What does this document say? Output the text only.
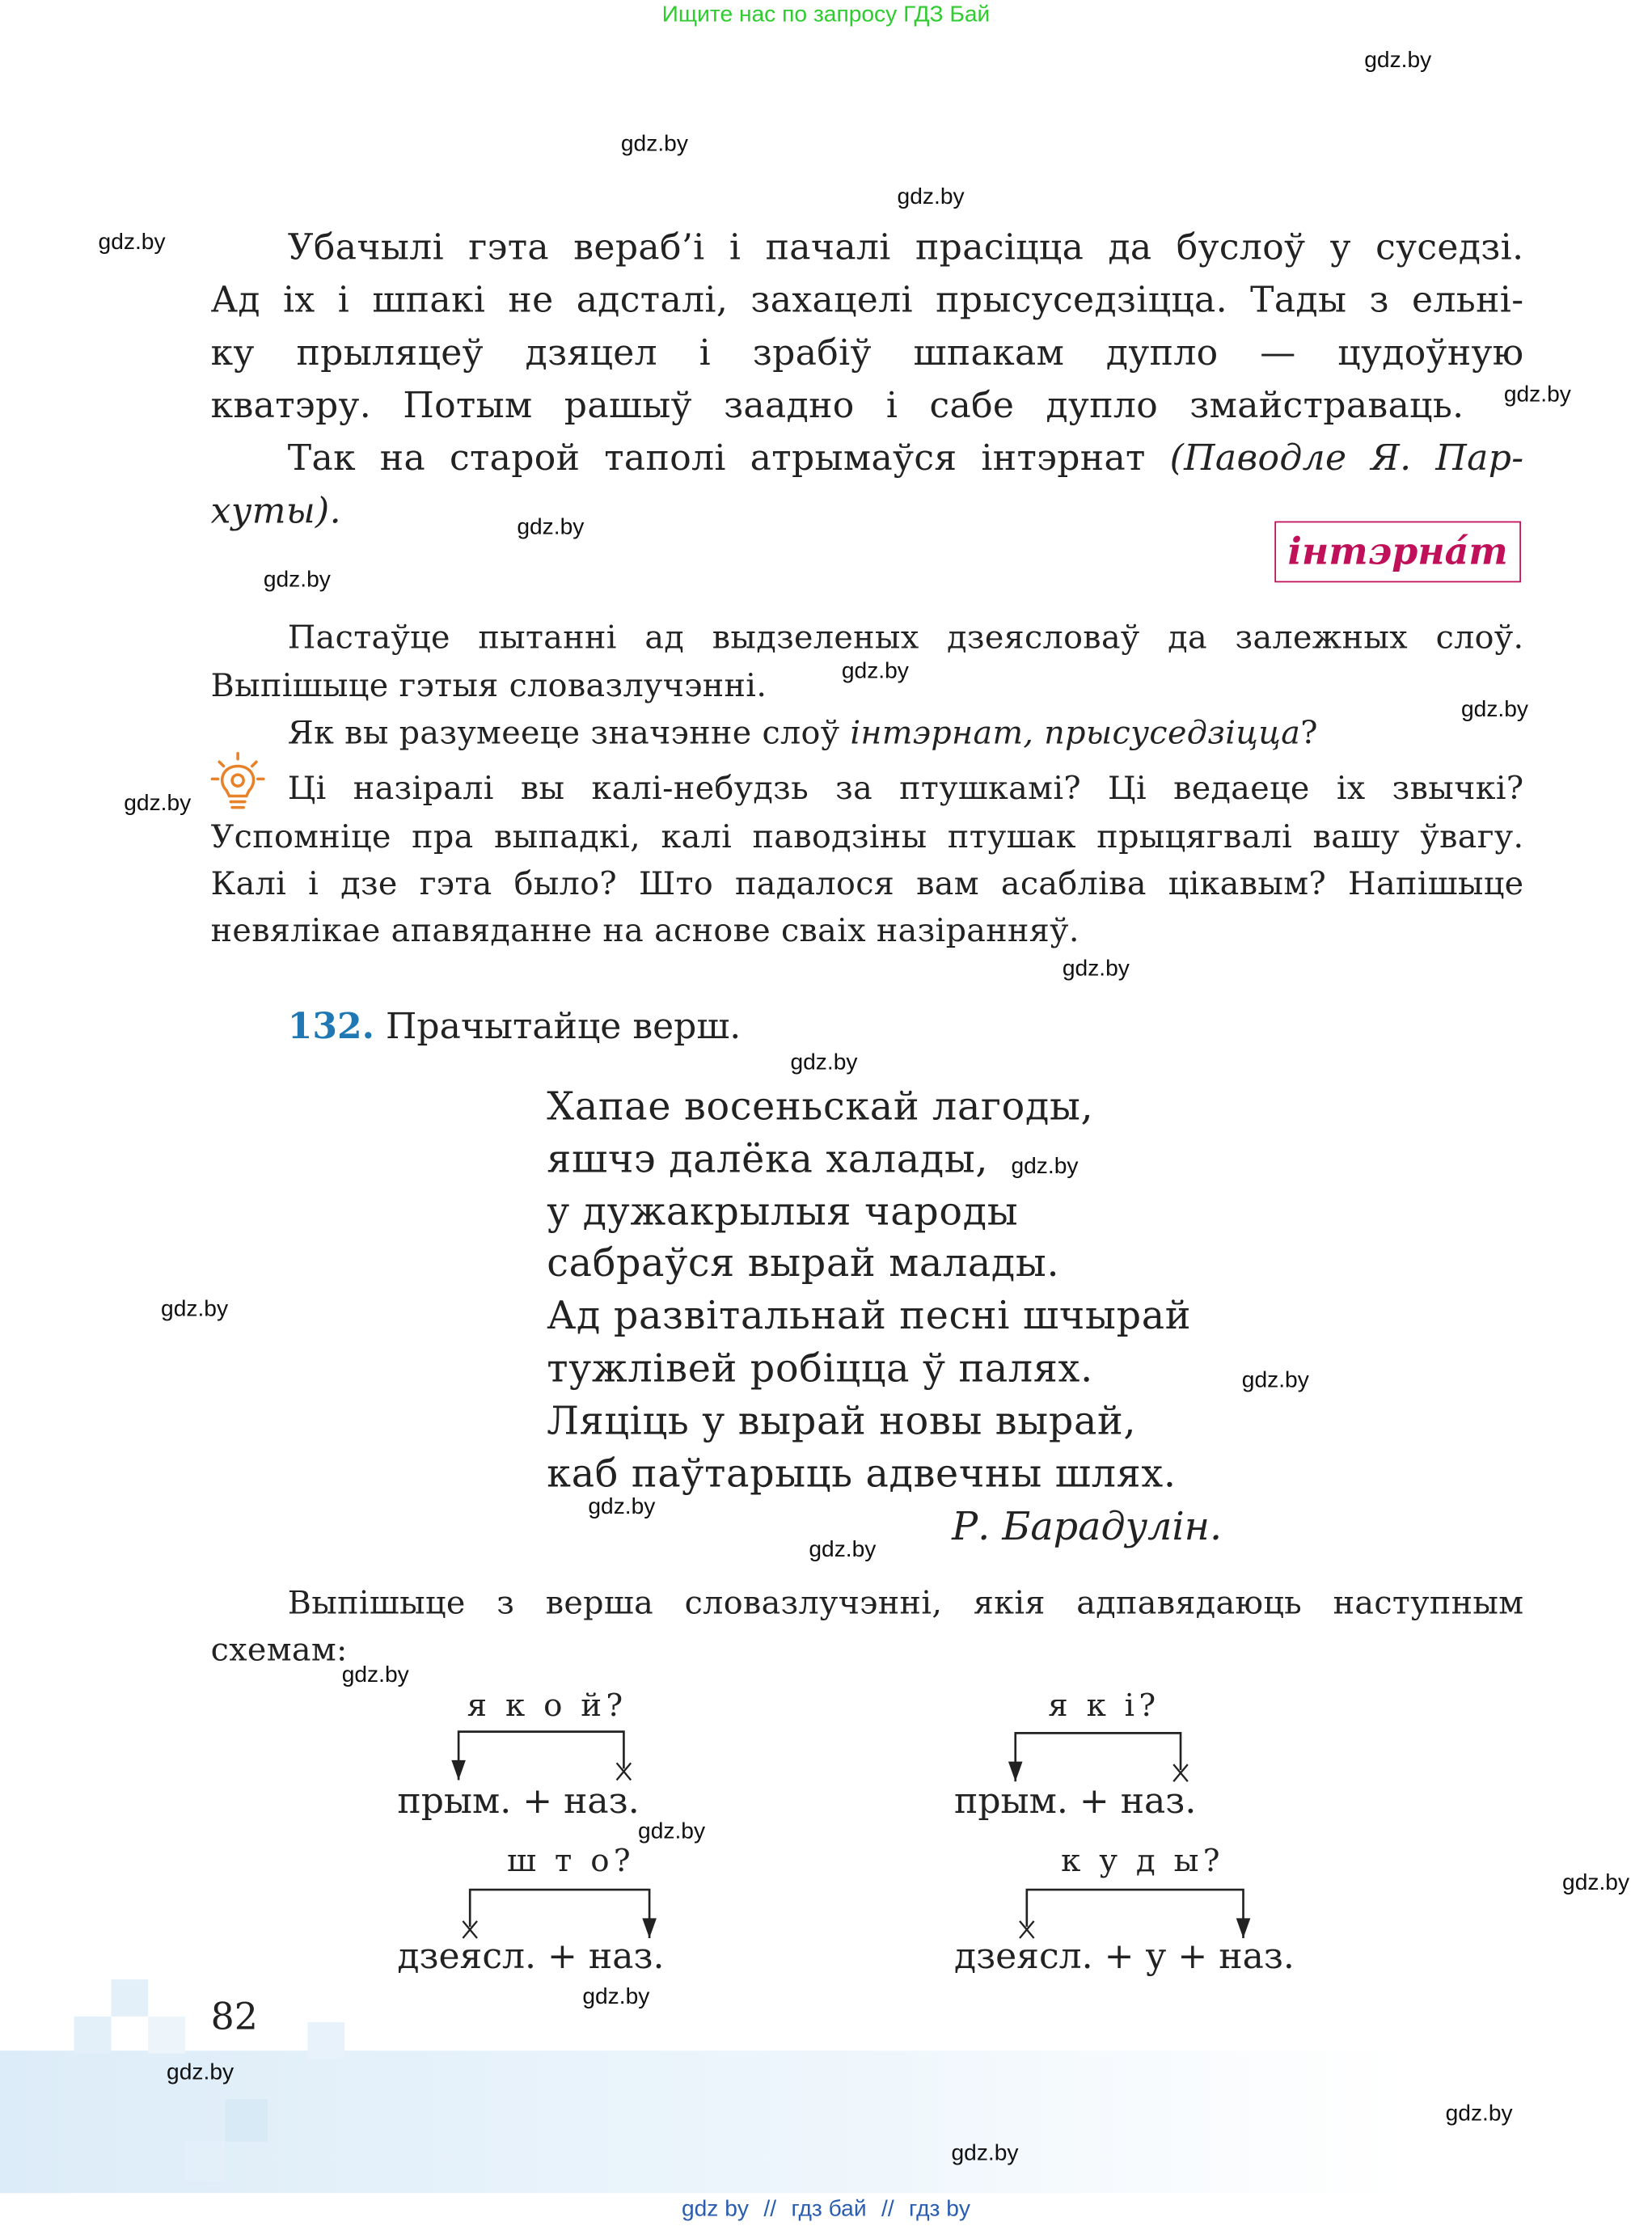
Ищите нас по запросу ГДЗ Бай
gdz.by
gdz.by
gdz.by
gdz.by
gdz.by
gdz.by
gdz.by
gdz.by
gdz.by
gdz.by
gdz.by
gdz.by
gdz.by
gdz.by
gdz.by
gdz.by
gdz.by
gdz.by
gdz.by
gdz.by
gdz.by
gdz.by
gdz.by
gdz.by
Убачылі гэта вераб’і і пачалі прасіцца да буслоў у суседзі.
Ад іх і шпакі не адсталі, захацелі прысуседзіцца. Тады з ельні-
ку прыляцеў дзяцел і зрабіў шпакам дупло — цудоўную
кватэру. Потым рашыў заадно і сабе дупло змайстраваць.
Так на старой таполі атрымаўся інтэрнат (Паводле Я. Пар-
хуты).
інтэрна́т
Пастаўце пытанні ад выдзеленых дзеясловаў да залежных слоў.
Выпішыце гэтыя словазлучэнні.
Як вы разумееце значэнне слоў інтэрнат, прысуседзіцца?
Ці назіралі вы калі-небудзь за птушкамі? Ці ведаеце іх звычкі?
Успомніце пра выпадкі, калі паводзіны птушак прыцягвалі вашу ўвагу.
Калі і дзе гэта было? Што падалося вам асабліва цікавым? Напішыце
невялікае апавяданне на аснове сваіх назіранняў.
132. Прачытайце верш.
Хапае восеньскай лагоды,
яшчэ далёка халады,
у дужакрылыя чароды
сабраўся вырай малады.
Ад развітальнай песні шчырай
тужлівей робіцца ў палях.
Ляціць у вырай новы вырай,
каб паўтарыць адвечны шлях.
Р. Барадулін.
Выпішыце з верша словазлучэнні, якія адпавядаюць наступным
схемам:
я к о й?
прым. + наз.
я к і?
прым. + наз.
ш т о?
дзеясл. + наз.
к у д ы?
дзеясл. + у + наз.
82
gdz by // гдз бай // гдз by
